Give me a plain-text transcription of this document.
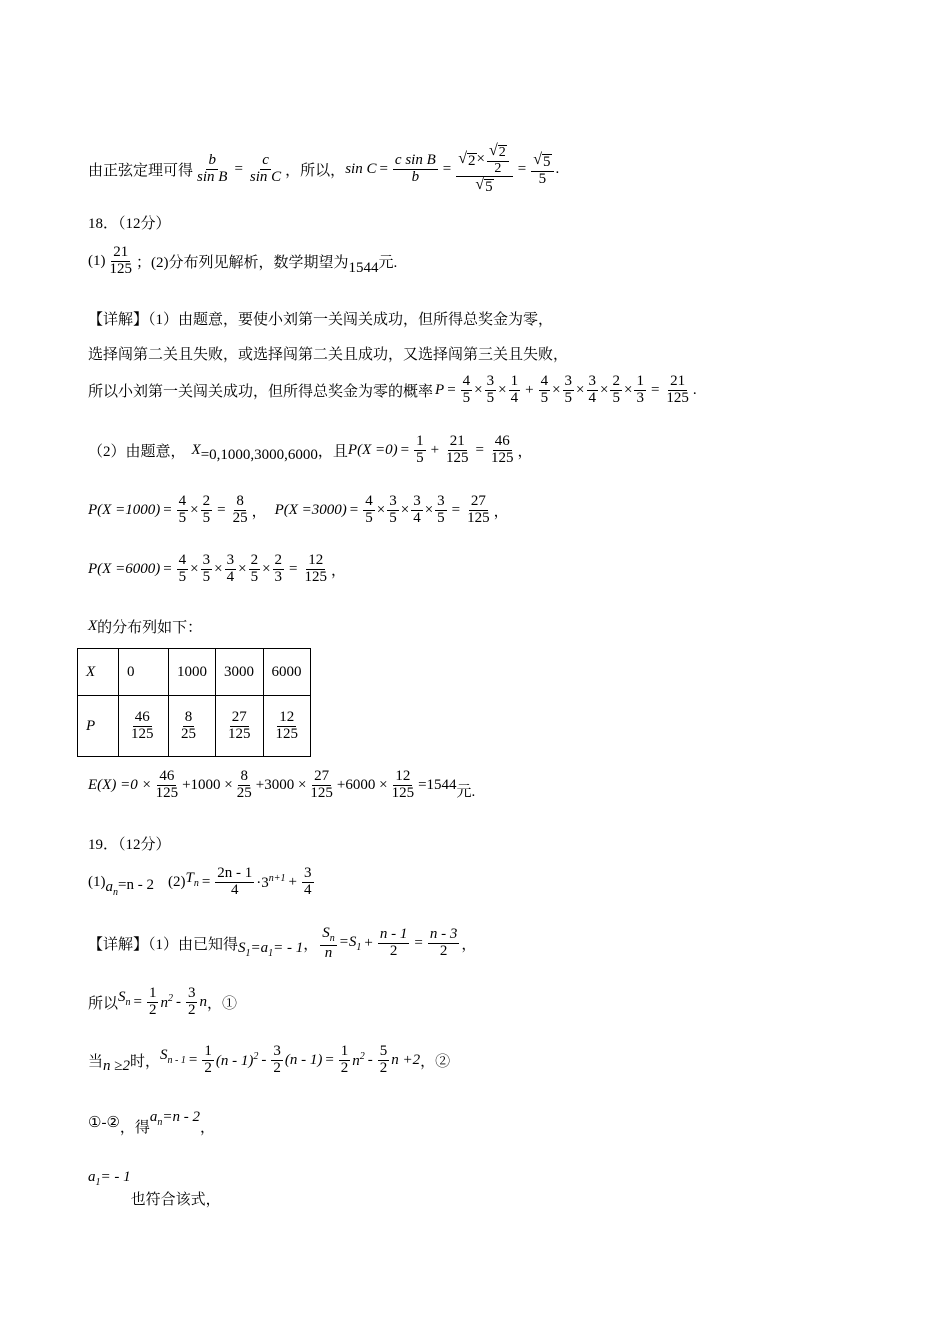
由正弦定理可得 $\frac{b}{\text{sin B}} = \frac{c}{\text{sin C}}$ ，所以， $\sin C = \frac{\text{c sin B}}{b} = \frac{√ 2 \times \frac{√ 2}{2}}{√ 5} = \frac{√ 5}{5}$ .
18．（12分）
$(1) \frac{21}{125}$ ；(2)分布列见解析，数学期望为 1544 元.
【详解】（1）由题意，要使小刘第一关闯关成功，但所得总奖金为零，
选择闯第二关且失败，或选择闯第二关且成功，又选择闯第三关且失败，
所以小刘第一关闯关成功，但所得总奖金为零的概率 $P = \frac{4}{5} \times \frac{3}{5} \times \frac{1}{4} + \frac{4}{5} \times \frac{3}{5} \times \frac{3}{4} \times \frac{2}{5} \times \frac{1}{3} = \frac{21}{125}$ .
（2）由题意， X =0,1000,3000,6000 ，且 $P(X =0) = \frac{1}{5} + \frac{21}{125} = \frac{46}{125}$ ，
$P(X =1000) = \frac{4}{5} \times \frac{2}{5} = \frac{8}{25}$ ， $P(X =3000) = \frac{4}{5} \times \frac{3}{5} \times \frac{3}{4} \times \frac{3}{5} = \frac{27}{125}$ ，
$P(X =6000) = \frac{4}{5} \times \frac{3}{5} \times \frac{3}{4} \times \frac{2}{5} \times \frac{2}{3} = \frac{12}{125}$ ，
X 的分布列如下：
X	0	1000	3000	6000
P	$\frac{46}{125}$	$\frac{8}{25}$	$\frac{27}{125}$	$\frac{12}{125}$
$E(X) =0 \times \frac{46}{125} +1000 \times \frac{8}{25} +3000 \times \frac{27}{125} +6000 \times \frac{12}{125} =1544$ 元.
19．（12分）
(1) $a_n =n - 2$ (2) $T_n = \frac{2n - 1}{4} \cdot 3^{n+1} + \frac{3}{4}$
【详解】（1）由已知得 $S_1=a_1= - 1$ ， $\frac{S_n}{n} =S_1 + \frac{n - 1}{2} = \frac{n - 3}{2}$ ，
所以 $S_n = \frac{1}{2} n^2 - \frac{3}{2}$ n ，①
当 n ≥2 时， $S_{n - 1} = \frac{1}{2} (n - 1)^2 - \frac{3}{2} (n - 1) = \frac{1}{2} n^2 - \frac{5}{2}$ n +2 ，②
①-② ，得
$a_n=n - 2$
，
$a_1= - 1$
也符合该式，
